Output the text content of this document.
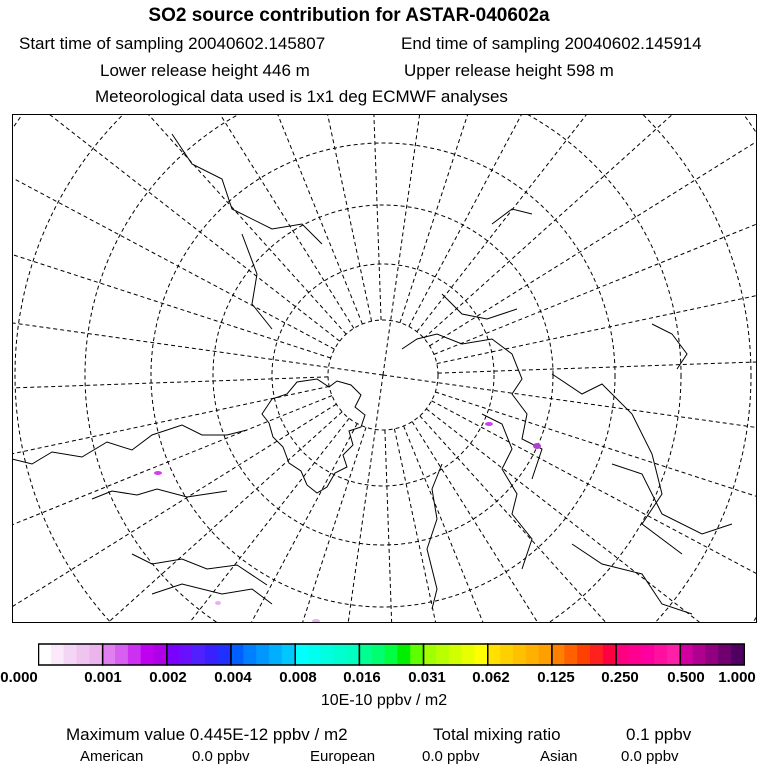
SO2 source contribution for ASTAR-040602a
Start time of sampling 20040602.145807	End time of sampling 20040602.145914
Lower release height 446 m	Upper release height 598 m
Meteorological data used is 1x1 deg ECMWF analyses
0.000	0.001 0.002 0.004 0.008 0.016 0.031 0.062 0.125 0.250 0.500 1.000
10E-10 ppbv / m2
Maximum value 0.445E-12 ppbv / m2	Total mixing ratio	0.1 ppbv
American	0.0 ppbv	European	0.0 ppbv	Asian	0.0 ppbv
